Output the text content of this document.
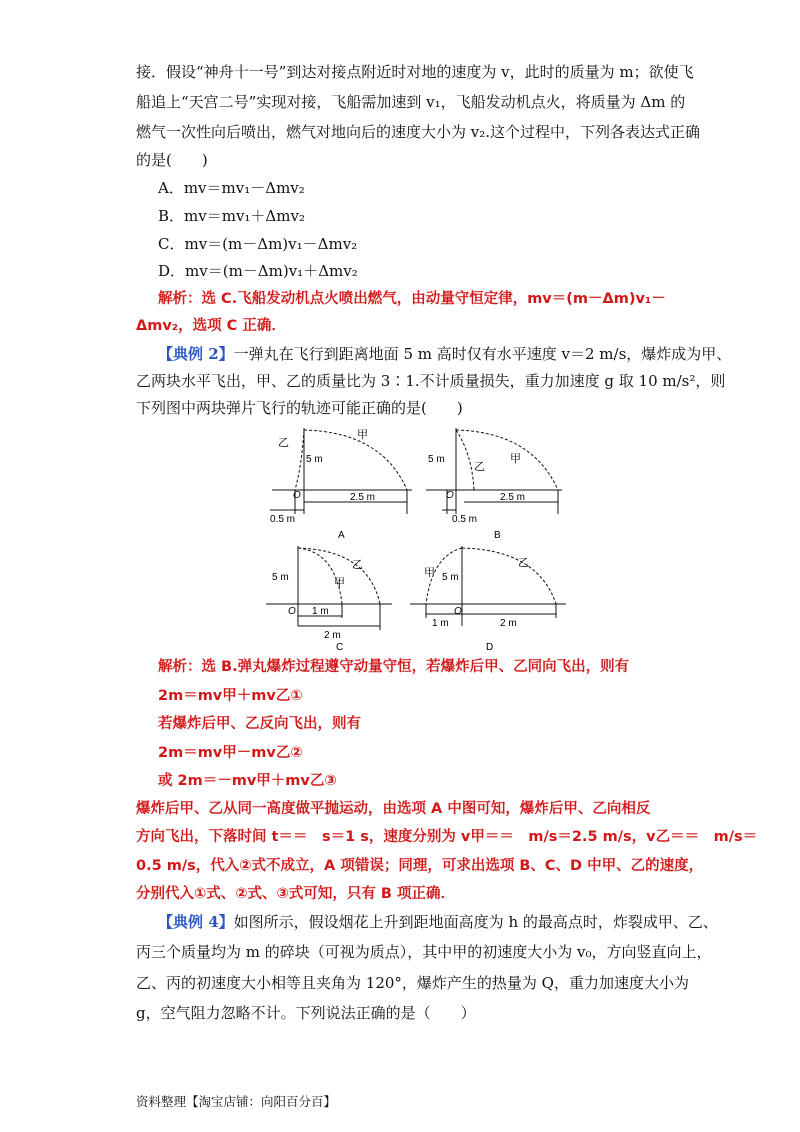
接．假设“神舟十一号”到达对接点附近时对地的速度为 v，此时的质量为 m；欲使飞
船追上“天宫二号”实现对接，飞船需加速到 v₁，飞船发动机点火，将质量为 Δm 的
燃气一次性向后喷出，燃气对地向后的速度大小为 v₂.这个过程中，下列各表达式正确
的是(　　)
A．mv＝mv₁－Δmv₂
B．mv＝mv₁＋Δmv₂
C．mv＝(m－Δm)v₁－Δmv₂
D．mv＝(m－Δm)v₁＋Δmv₂
解析：选 C.飞船发动机点火喷出燃气，由动量守恒定律，mv＝(m－Δm)v₁－
Δmv₂，选项 C 正确．
【典例 2】一弹丸在飞行到距离地面 5 m 高时仅有水平速度 v＝2 m/s，爆炸成为甲、
乙两块水平飞出，甲、乙的质量比为 3∶1.不计质量损失，重力加速度 g 取 10 m/s²，则
下列图中两块弹片飞行的轨迹可能正确的是(　　)
乙
甲
5 m
O	2.5 m
0.5 m
A
5 m
乙
甲
O	2.5 m
0.5 m
B
5 m	甲
乙
O 1 m
2 m
C
甲 5 m
乙
O
1 m	2 m
D
解析：选 B.弹丸爆炸过程遵守动量守恒，若爆炸后甲、乙同向飞出，则有
2m＝mv甲＋mv乙①
若爆炸后甲、乙反向飞出，则有
2m＝mv甲－mv乙②
或 2m＝－mv甲＋mv乙③
爆炸后甲、乙从同一高度做平抛运动，由选项 A 中图可知，爆炸后甲、乙向相反
方向飞出，下落时间 t＝＝　s＝1 s，速度分别为 v甲＝＝　m/s＝2.5 m/s，v乙＝＝　m/s＝
0.5 m/s，代入②式不成立，A 项错误；同理，可求出选项 B、C、D 中甲、乙的速度，
分别代入①式、②式、③式可知，只有 B 项正确．
【典例 4】如图所示，假设烟花上升到距地面高度为 h 的最高点时，炸裂成甲、乙、
丙三个质量均为 m 的碎块（可视为质点），其中甲的初速度大小为 v₀，方向竖直向上，
乙、丙的初速度大小相等且夹角为 120°，爆炸产生的热量为 Q，重力加速度大小为
g，空气阻力忽略不计。下列说法正确的是（　　）
资料整理【淘宝店铺：向阳百分百】
